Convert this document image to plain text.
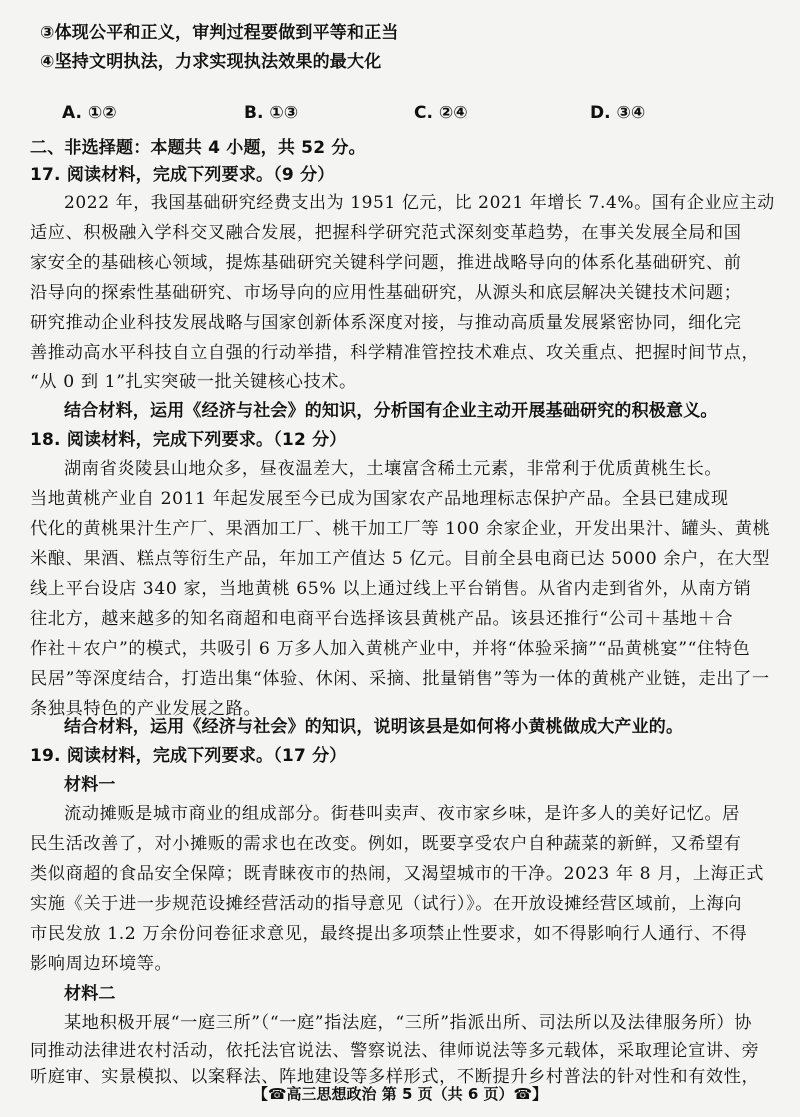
③体现公平和正义，审判过程要做到平等和正当
④坚持文明执法，力求实现执法效果的最大化
A. ①②	B. ①③	C. ②④	D. ③④
二、非选择题：本题共 4 小题，共 52 分。
17. 阅读材料，完成下列要求。（9 分）
2022 年，我国基础研究经费支出为 1951 亿元，比 2021 年增长 7.4%。国有企业应主动
适应、积极融入学科交叉融合发展，把握科学研究范式深刻变革趋势，在事关发展全局和国
家安全的基础核心领域，提炼基础研究关键科学问题，推进战略导向的体系化基础研究、前
沿导向的探索性基础研究、市场导向的应用性基础研究，从源头和底层解决关键技术问题；
研究推动企业科技发展战略与国家创新体系深度对接，与推动高质量发展紧密协同，细化完
善推动高水平科技自立自强的行动举措，科学精准管控技术难点、攻关重点、把握时间节点，
“从 0 到 1”扎实突破一批关键核心技术。
结合材料，运用《经济与社会》的知识，分析国有企业主动开展基础研究的积极意义。
18. 阅读材料，完成下列要求。（12 分）
湖南省炎陵县山地众多，昼夜温差大，土壤富含稀土元素，非常利于优质黄桃生长。
当地黄桃产业自 2011 年起发展至今已成为国家农产品地理标志保护产品。全县已建成现
代化的黄桃果汁生产厂、果酒加工厂、桃干加工厂等 100 余家企业，开发出果汁、罐头、黄桃
米酿、果酒、糕点等衍生产品，年加工产值达 5 亿元。目前全县电商已达 5000 余户，在大型
线上平台设店 340 家，当地黄桃 65% 以上通过线上平台销售。从省内走到省外，从南方销
往北方，越来越多的知名商超和电商平台选择该县黄桃产品。该县还推行“公司＋基地＋合
作社＋农户”的模式，共吸引 6 万多人加入黄桃产业中，并将“体验采摘”“品黄桃宴”“住特色
民居”等深度结合，打造出集“体验、休闲、采摘、批量销售”等为一体的黄桃产业链，走出了一
条独具特色的产业发展之路。
结合材料，运用《经济与社会》的知识，说明该县是如何将小黄桃做成大产业的。
19. 阅读材料，完成下列要求。（17 分）
材料一
流动摊贩是城市商业的组成部分。街巷叫卖声、夜市家乡味，是许多人的美好记忆。居
民生活改善了，对小摊贩的需求也在改变。例如，既要享受农户自种蔬菜的新鲜，又希望有
类似商超的食品安全保障；既青睐夜市的热闹，又渴望城市的干净。2023 年 8 月，上海正式
实施《关于进一步规范设摊经营活动的指导意见（试行）》。在开放设摊经营区域前，上海向
市民发放 1.2 万余份问卷征求意见，最终提出多项禁止性要求，如不得影响行人通行、不得
影响周边环境等。
材料二
某地积极开展“一庭三所”（“一庭”指法庭，“三所”指派出所、司法所以及法律服务所）协
同推动法律进农村活动，依托法官说法、警察说法、律师说法等多元载体，采取理论宣讲、旁
听庭审、实景模拟、以案释法、阵地建设等多样形式，不断提升乡村普法的针对性和有效性，
【☎高三思想政治 第 5 页（共 6 页）☎】
